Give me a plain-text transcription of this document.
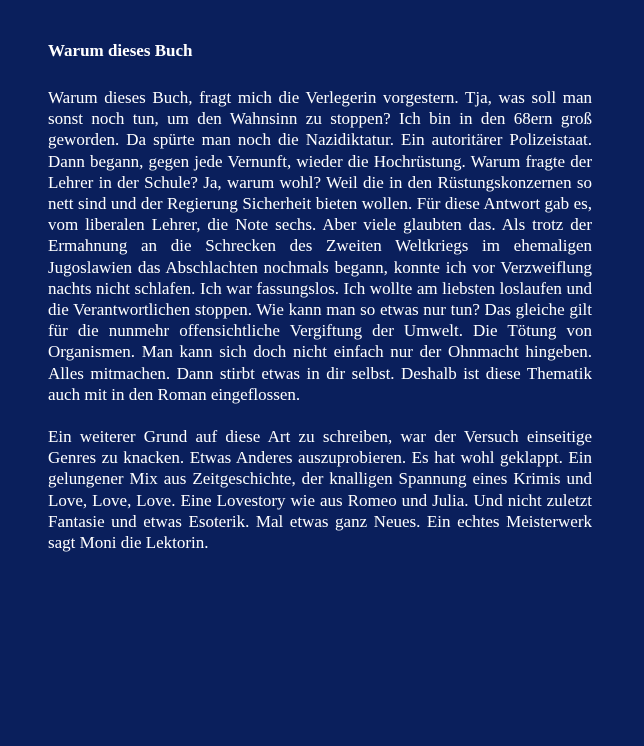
Warum dieses Buch

Warum dieses Buch, fragt mich die Verlegerin vorgestern. Tja, was soll man sonst noch tun, um den Wahnsinn zu stoppen? Ich bin in den 68ern groß geworden. Da spürte man noch die Nazidiktatur. Ein autoritärer Polizeistaat. Dann begann, gegen jede Vernunft, wieder die Hochrüstung. Warum fragte der Lehrer in der Schule? Ja, warum wohl? Weil die in den Rüstungskonzernen so nett sind und der Regierung Sicherheit bieten wollen. Für diese Antwort gab es, vom liberalen Lehrer, die Note sechs. Aber viele glaubten das. Als trotz der Ermahnung an die Schrecken des Zweiten Weltkriegs im ehemaligen Jugoslawien das Abschlachten nochmals begann, konnte ich vor Verzweiflung nachts nicht schlafen. Ich war fassungslos. Ich wollte am liebsten loslaufen und die Verantwortlichen stoppen. Wie kann man so etwas nur tun? Das gleiche gilt für die nunmehr offensichtliche Vergiftung der Umwelt. Die Tötung von Organismen. Man kann sich doch nicht einfach nur der Ohnmacht hingeben. Alles mitmachen. Dann stirbt etwas in dir selbst. Deshalb ist diese Thematik auch mit in den Roman eingeflossen.

Ein weiterer Grund auf diese Art zu schreiben, war der Versuch einseitige Genres zu knacken. Etwas Anderes auszuprobieren. Es hat wohl geklappt. Ein gelungener Mix aus Zeitgeschichte, der knalligen Spannung eines Krimis und Love, Love, Love. Eine Lovestory wie aus Romeo und Julia. Und nicht zuletzt Fantasie und etwas Esoterik. Mal etwas ganz Neues. Ein echtes Meisterwerk sagt Moni die Lektorin.
